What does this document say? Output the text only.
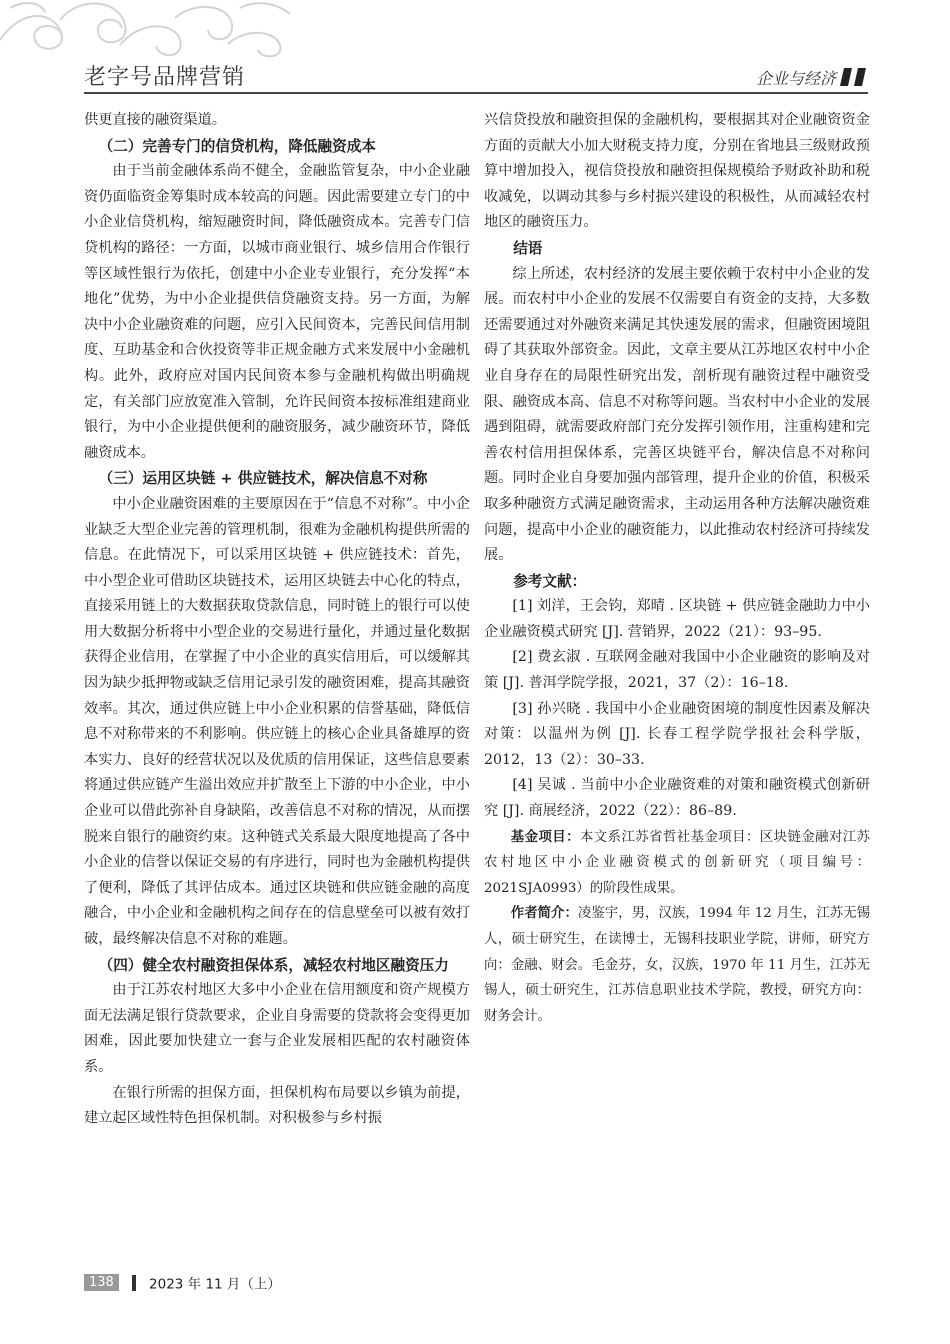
老字号品牌营销	企业与经济

供更直接的融资渠道。

（二）完善专门的信贷机构，降低融资成本

由于当前金融体系尚不健全，金融监管复杂，中小企业融资仍面临资金筹集时成本较高的问题。因此需要建立专门的中小企业信贷机构，缩短融资时间，降低融资成本。完善专门信贷机构的路径：一方面，以城市商业银行、城乡信用合作银行等区域性银行为依托，创建中小企业专业银行，充分发挥“本地化”优势，为中小企业提供信贷融资支持。另一方面，为解决中小企业融资难的问题，应引入民间资本，完善民间信用制度、互助基金和合伙投资等非正规金融方式来发展中小金融机构。此外，政府应对国内民间资本参与金融机构做出明确规定，有关部门应放宽准入管制，允许民间资本按标准组建商业银行，为中小企业提供便利的融资服务，减少融资环节，降低融资成本。

（三）运用区块链 + 供应链技术，解决信息不对称

中小企业融资困难的主要原因在于“信息不对称”。中小企业缺乏大型企业完善的管理机制，很难为金融机构提供所需的信息。在此情况下，可以采用区块链 + 供应链技术：首先，中小型企业可借助区块链技术，运用区块链去中心化的特点，直接采用链上的大数据获取贷款信息，同时链上的银行可以使用大数据分析将中小型企业的交易进行量化，并通过量化数据获得企业信用，在掌握了中小企业的真实信用后，可以缓解其因为缺少抵押物或缺乏信用记录引发的融资困难，提高其融资效率。其次，通过供应链上中小企业积累的信誉基础，降低信息不对称带来的不利影响。供应链上的核心企业具备雄厚的资本实力、良好的经营状况以及优质的信用保证，这些信息要素将通过供应链产生溢出效应并扩散至上下游的中小企业，中小企业可以借此弥补自身缺陷，改善信息不对称的情况，从而摆脱来自银行的融资约束。这种链式关系最大限度地提高了各中小企业的信誉以保证交易的有序进行，同时也为金融机构提供了便利，降低了其评估成本。通过区块链和供应链金融的高度融合，中小企业和金融机构之间存在的信息壁垒可以被有效打破，最终解决信息不对称的难题。

（四）健全农村融资担保体系，减轻农村地区融资压力

由于江苏农村地区大多中小企业在信用额度和资产规模方面无法满足银行贷款要求，企业自身需要的贷款将会变得更加困难，因此要加快建立一套与企业发展相匹配的农村融资体系。

在银行所需的担保方面，担保机构布局要以乡镇为前提，建立起区域性特色担保机制。对积极参与乡村振

兴信贷投放和融资担保的金融机构，要根据其对企业融资资金方面的贡献大小加大财税支持力度，分别在省地县三级财政预算中增加投入，视信贷投放和融资担保规模给予财政补助和税收减免，以调动其参与乡村振兴建设的积极性，从而减轻农村地区的融资压力。

结语

综上所述，农村经济的发展主要依赖于农村中小企业的发展。而农村中小企业的发展不仅需要自有资金的支持，大多数还需要通过对外融资来满足其快速发展的需求，但融资困境阻碍了其获取外部资金。因此，文章主要从江苏地区农村中小企业自身存在的局限性研究出发，剖析现有融资过程中融资受限、融资成本高、信息不对称等问题。当农村中小企业的发展遇到阻碍，就需要政府部门充分发挥引领作用，注重构建和完善农村信用担保体系，完善区块链平台，解决信息不对称问题。同时企业自身要加强内部管理，提升企业的价值，积极采取多种融资方式满足融资需求，主动运用各种方法解决融资难问题，提高中小企业的融资能力，以此推动农村经济可持续发展。

参考文献：

[1] 刘洋，王会钧，郑晴 . 区块链 + 供应链金融助力中小企业融资模式研究 [J]. 营销界，2022（21）：93–95.

[2] 费玄淑 . 互联网金融对我国中小企业融资的影响及对策 [J]. 普洱学院学报，2021，37（2）：16–18.

[3] 孙兴晓 . 我国中小企业融资困境的制度性因素及解决对策：以温州为例 [J]. 长春工程学院学报社会科学版，2012，13（2）：30–33.

[4] 吴诚 . 当前中小企业融资难的对策和融资模式创新研究 [J]. 商展经济，2022（22）：86–89.

基金项目：本文系江苏省哲社基金项目：区块链金融对江苏农村地区中小企业融资模式的创新研究（项目编号：2021SJA0993）的阶段性成果。

作者简介：凌鉴宇，男，汉族，1994 年 12 月生，江苏无锡人，硕士研究生，在读博士，无锡科技职业学院，讲师，研究方向：金融、财会。毛金芬，女，汉族，1970 年 11 月生，江苏无锡人，硕士研究生，江苏信息职业技术学院，教授，研究方向：财务会计。

138	2023 年 11 月（上）
